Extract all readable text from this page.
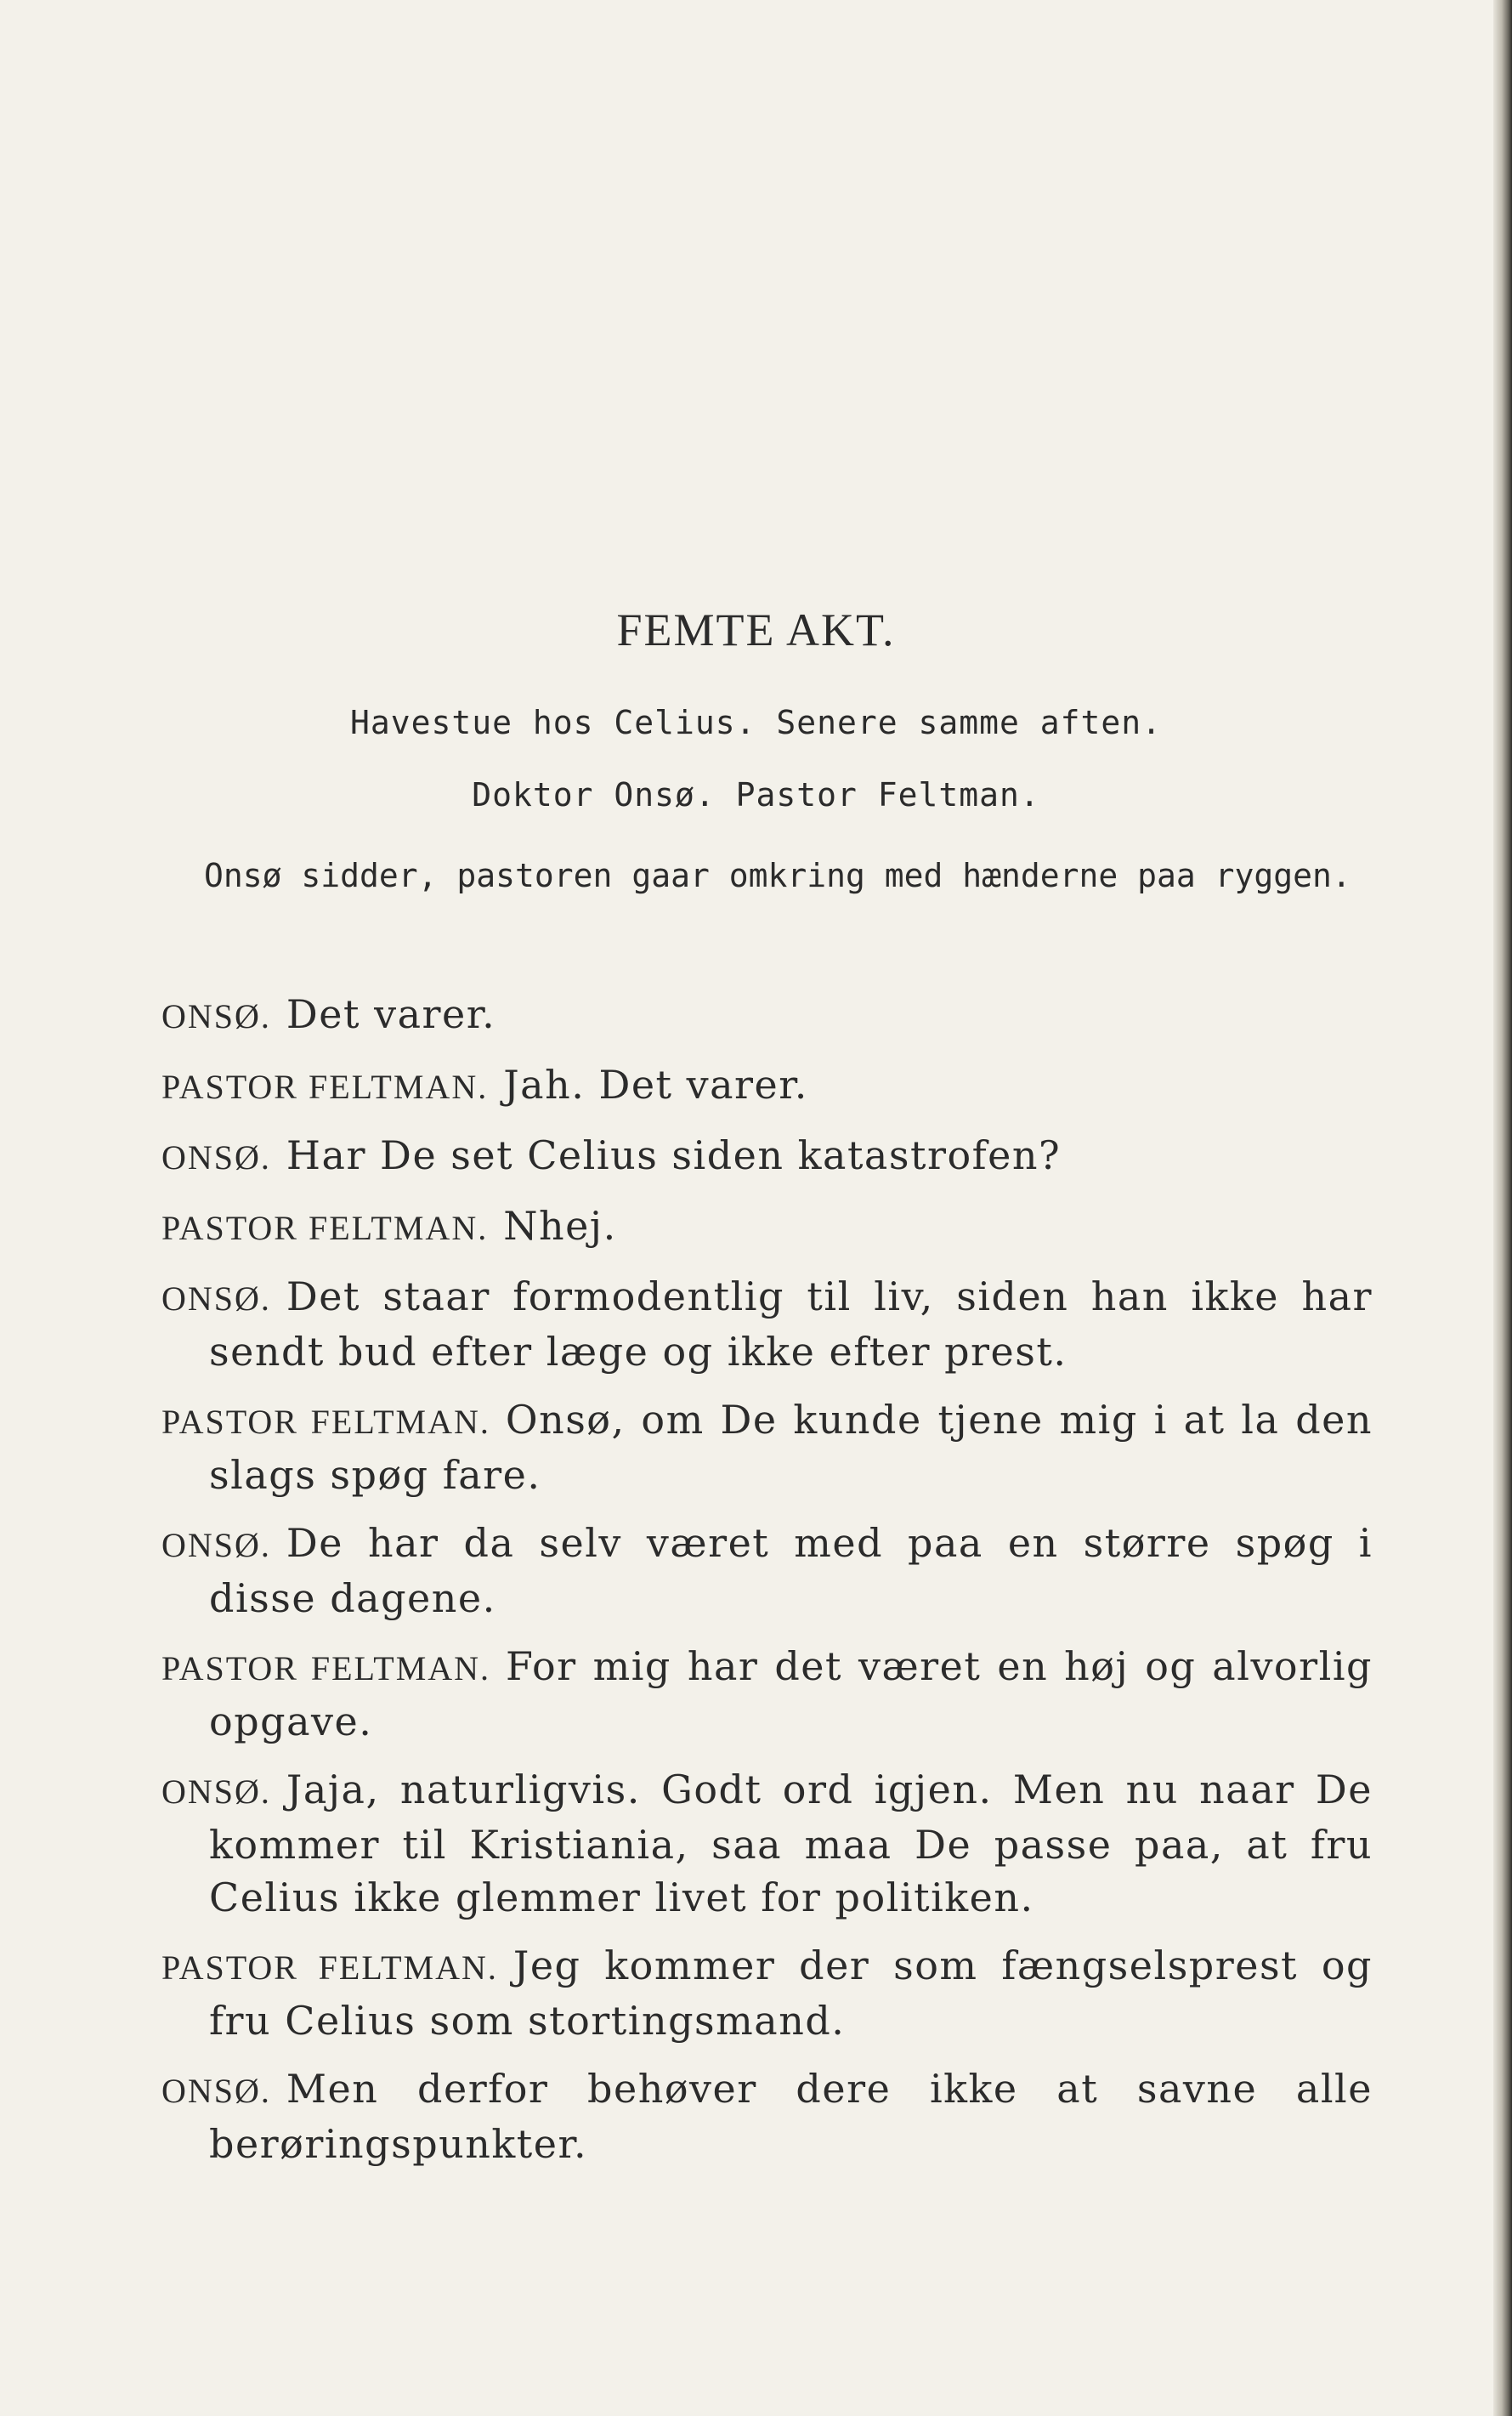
FEMTE AKT.
Havestue hos Celius. Senere samme aften.
Doktor Onsø. Pastor Feltman.
Onsø sidder, pastoren gaar omkring med hænderne paa ryggen.
ONSØ. Det varer.
PASTOR FELTMAN. Jah. Det varer.
ONSØ. Har De set Celius siden katastrofen?
PASTOR FELTMAN. Nhej.
ONSØ. Det staar formodentlig til liv, siden han ikke har sendt bud efter læge og ikke efter prest.
PASTOR FELTMAN. Onsø, om De kunde tjene mig i at la den slags spøg fare.
ONSØ. De har da selv været med paa en større spøg i disse dagene.
PASTOR FELTMAN. For mig har det været en høj og alvorlig opgave.
ONSØ. Jaja, naturligvis. Godt ord igjen. Men nu naar De kommer til Kristiania, saa maa De passe paa, at fru Celius ikke glemmer livet for politiken.
PASTOR FELTMAN. Jeg kommer der som fængselsprest og fru Celius som stortingsmand.
ONSØ. Men derfor behøver dere ikke at savne alle berøringspunkter.
